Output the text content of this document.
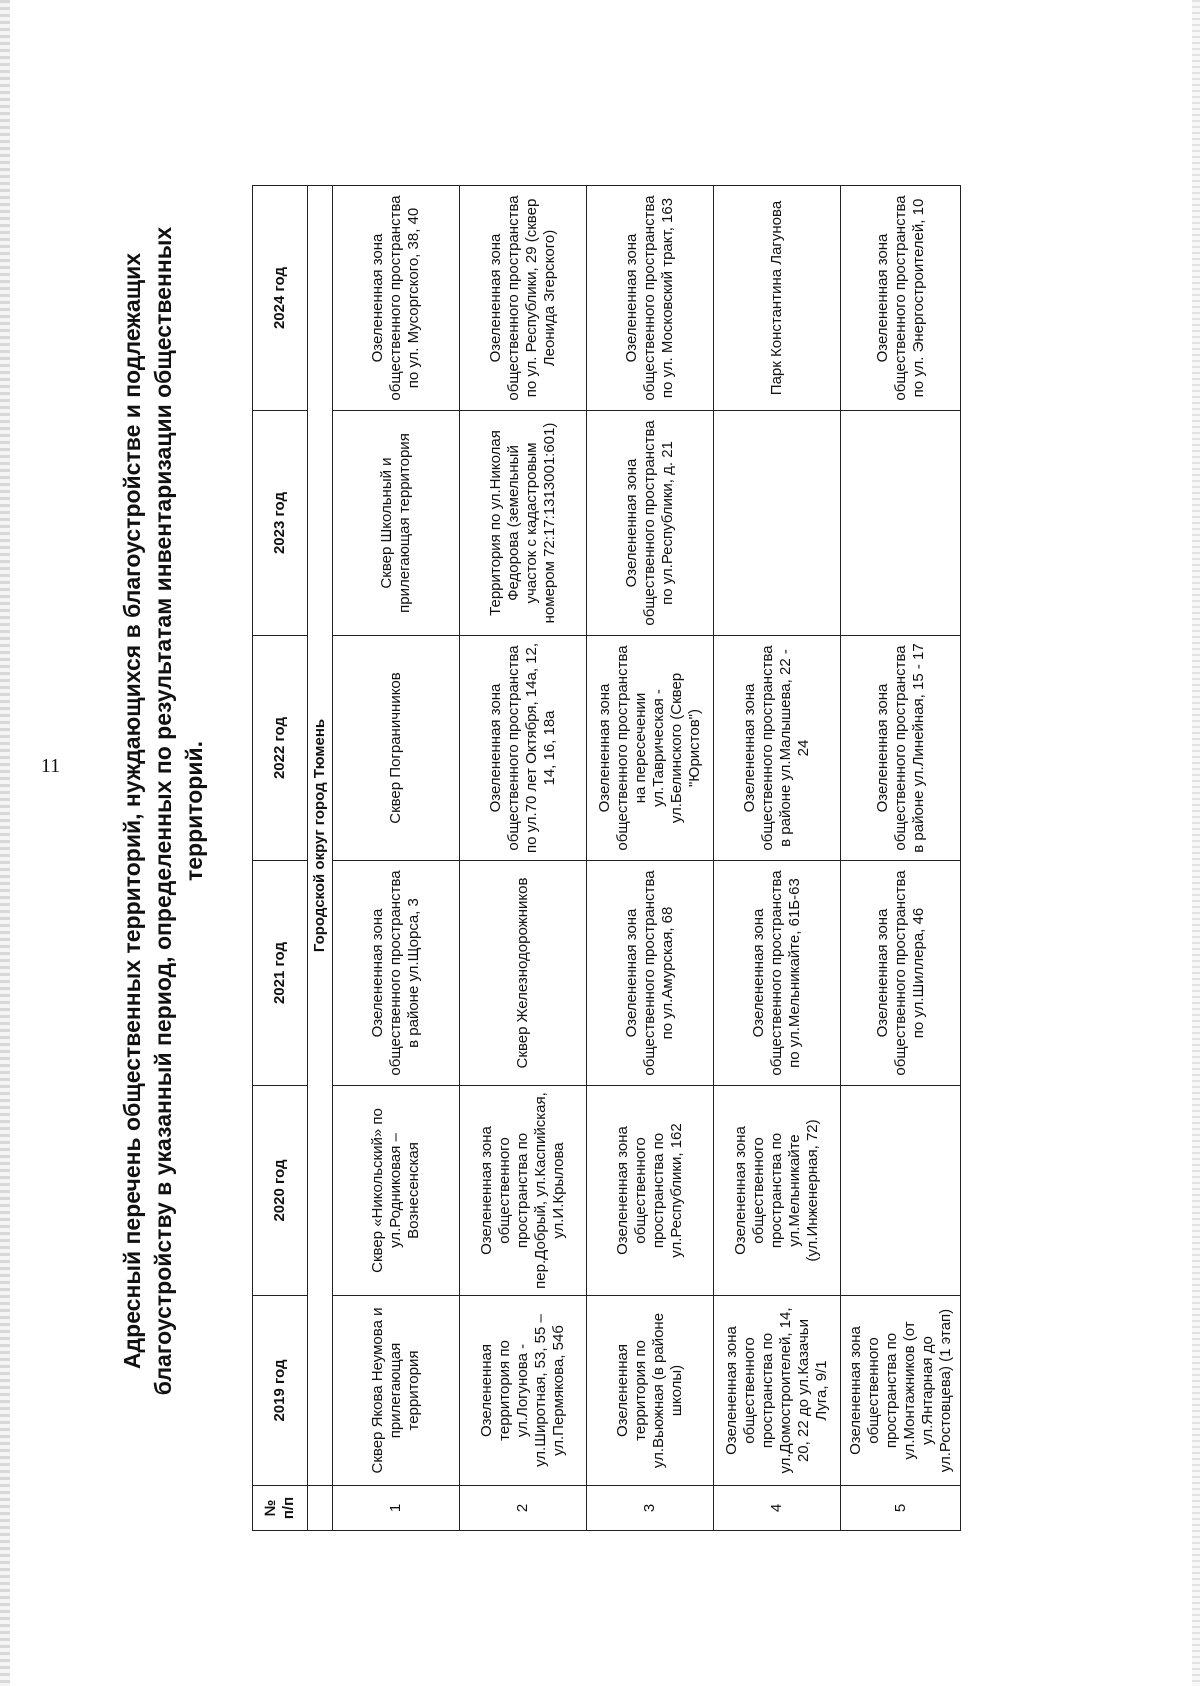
11	Адресный перечень общественных территорий, нуждающихся в благоустройстве и подлежащих благоустройству в указанный период, определенных по результатам инвентаризации общественных территорий.
№ п/п	2019 год	2020 год	2021 год	2022 год	2023 год	2024 год
	Городской округ город Тюмень					
1	Сквер Якова Неумова и прилегающая территория	Сквер «Никольский» по ул.Родниковая – Вознесенская	Озелененная зона общественного пространства в районе ул.Щорса, 3	Сквер Пограничников	Сквер Школьный и прилегающая территория	Озелененная зона общественного пространства по ул. Мусоргского, 38, 40
2	Озелененная территория по ул.Логунова - ул.Широтная, 53, 55 – ул.Пермякова, 54б	Озелененная зона общественного пространства по пер.Добрый, ул.Каспийская, ул.И.Крылова	Сквер Железнодорожников	Озелененная зона общественного пространства по ул.70 лет Октября, 14а, 12, 14, 16, 18а	Территория по ул.Николая Федорова (земельный участок с кадастровым номером 72:17:1313001:601)	Озелененная зона общественного пространства по ул. Республики, 29 (сквер Леонида Згерского)
3	Озелененная территория по ул.Вьюжная (в районе школы)	Озелененная зона общественного пространства по ул.Республики, 162	Озелененная зона общественного пространства по ул.Амурская, 68	Озелененная зона общественного пространства на пересечении ул.Таврическая - ул.Белинского (Сквер "Юристов")	Озелененная зона общественного пространства по ул.Республики, д. 21	Озелененная зона общественного пространства по ул. Московский тракт, 163
4	Озелененная зона общественного пространства по ул.Домостроителей, 14, 20, 22 до ул.Казачьи Луга, 9/1	Озелененная зона общественного пространства по ул.Мельникайте (ул.Инженерная, 72)	Озелененная зона общественного пространства по ул.Мельникайте, 61Б-63	Озелененная зона общественного пространства в районе ул.Малышева, 22 - 24		Парк Константина Лагунова
5	Озелененная зона общественного пространства по ул.Монтажников (от ул.Янтарная до ул.Ростовцева) (1 этап)		Озелененная зона общественного пространства по ул.Шиллера, 46	Озелененная зона общественного пространства в районе ул.Линейная, 15 - 17		Озелененная зона общественного пространства по ул. Энергостроителей, 10
